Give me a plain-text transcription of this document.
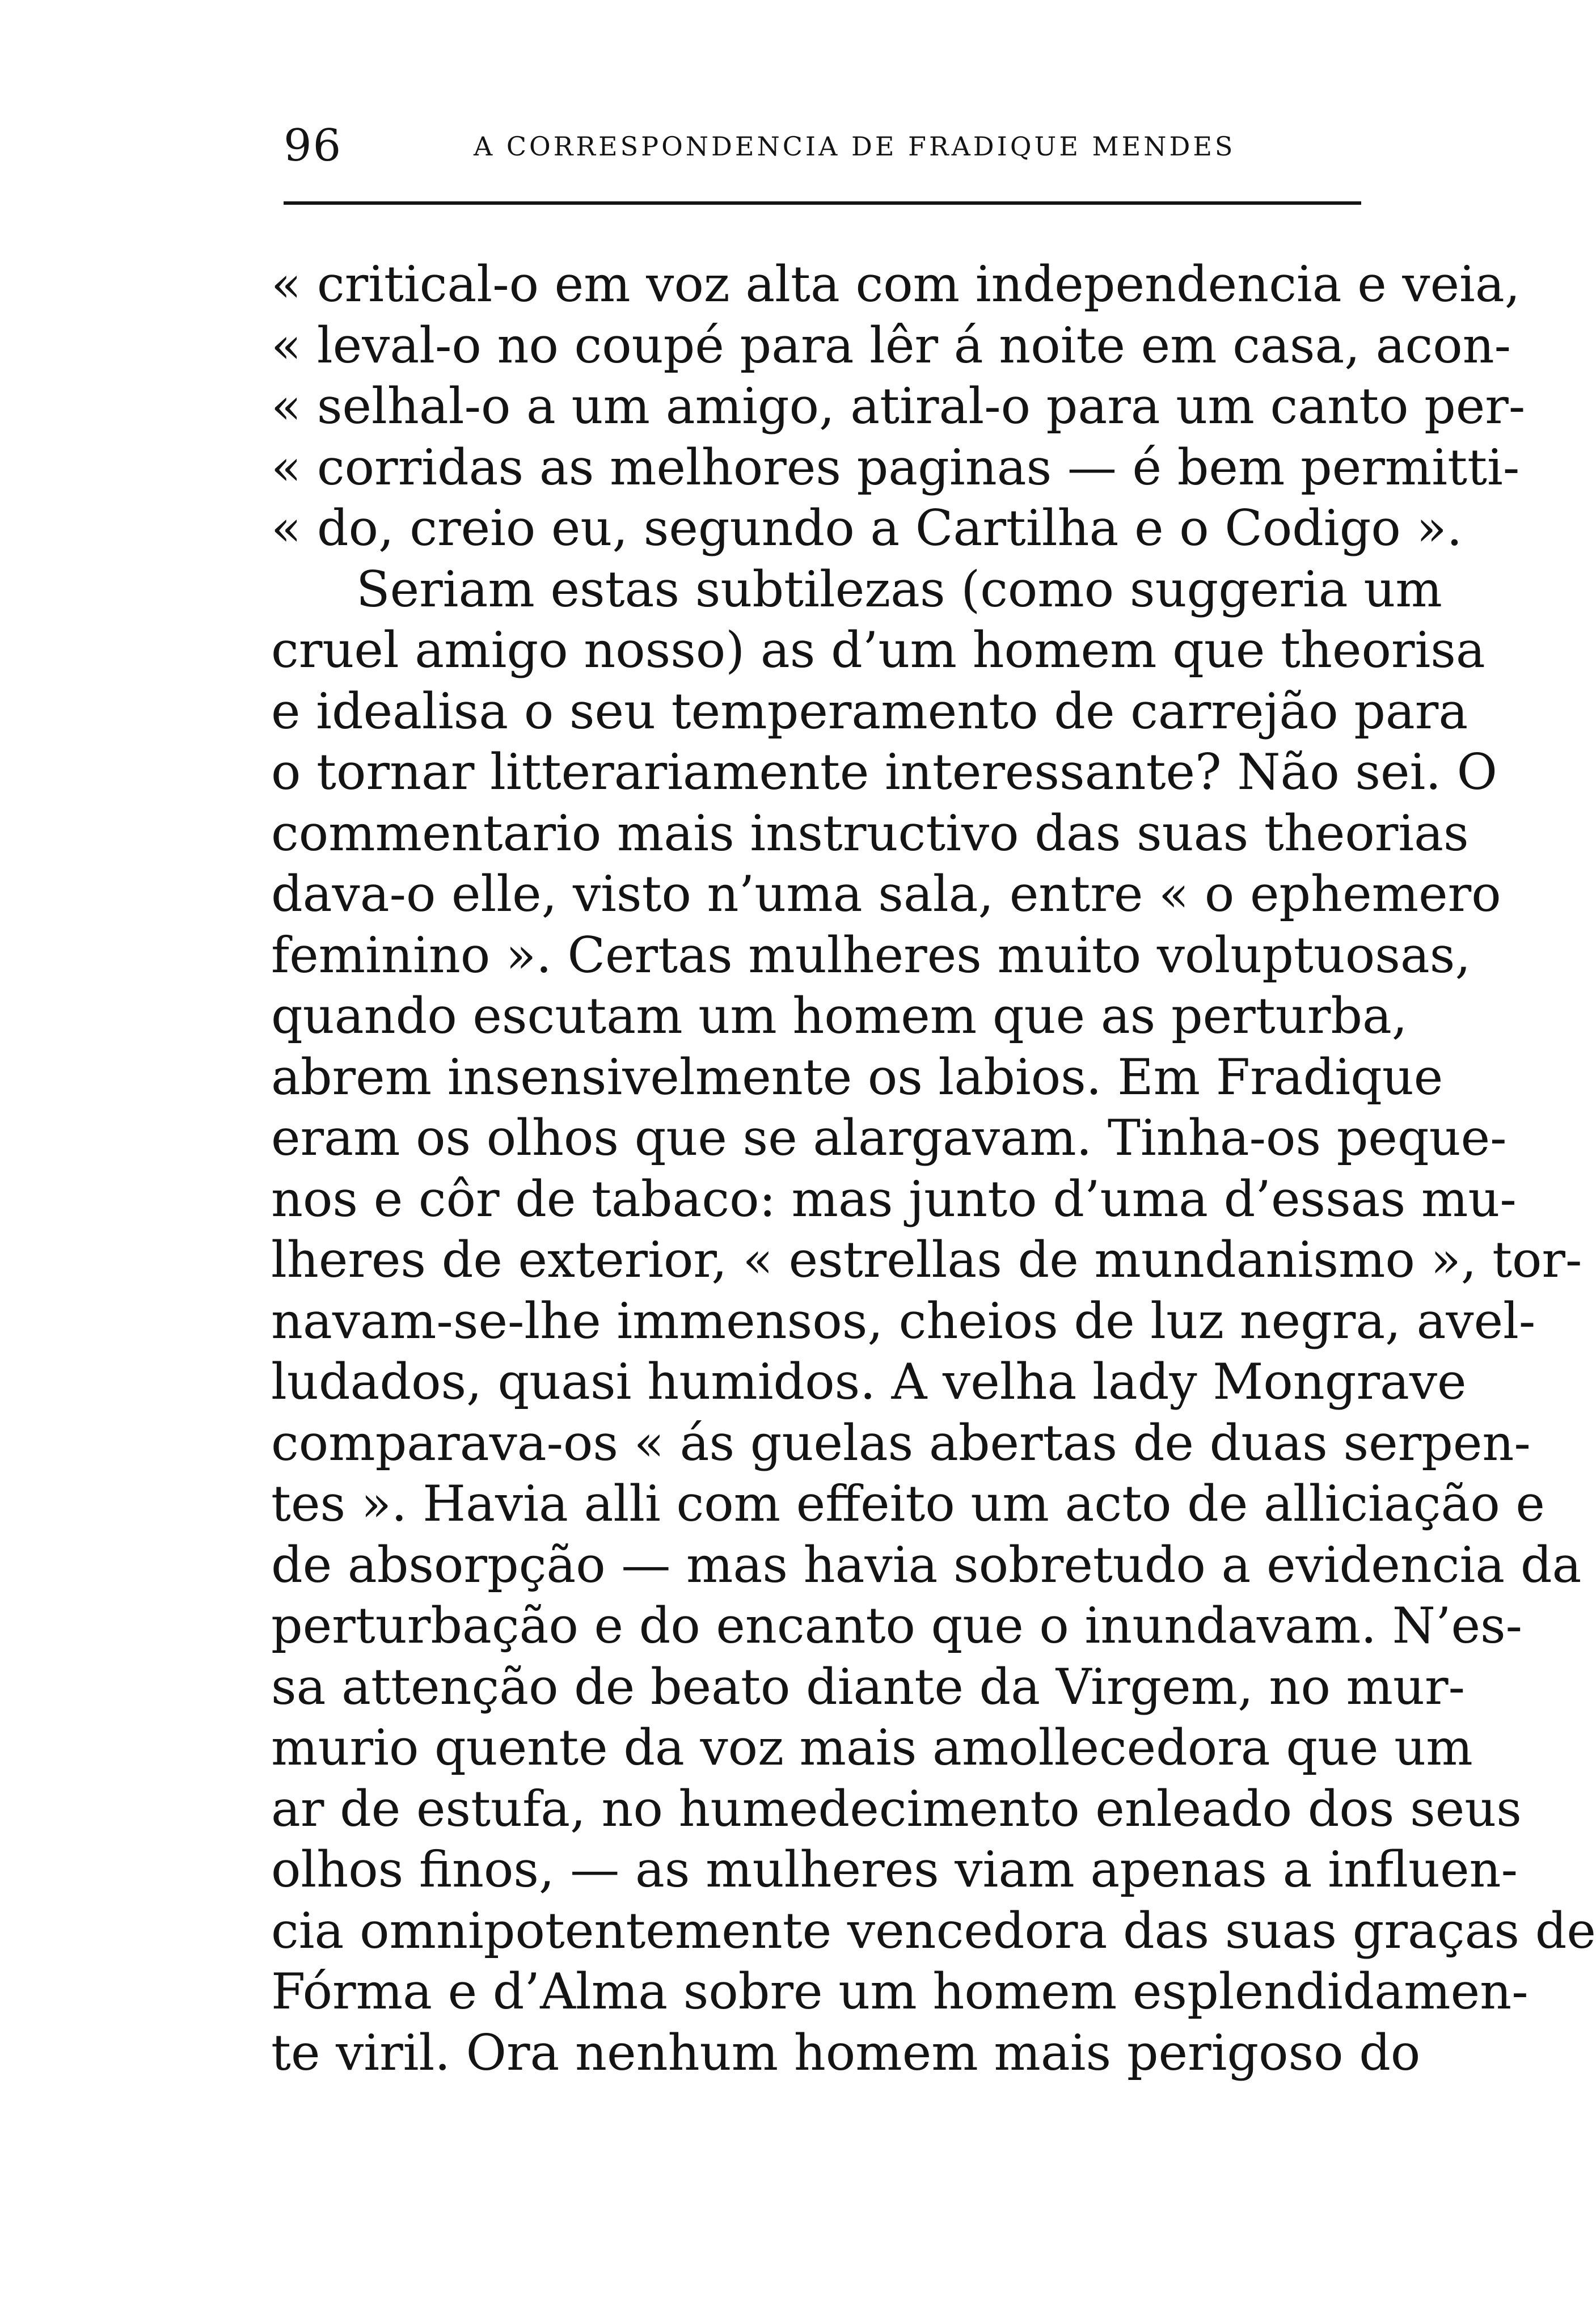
96	A CORRESPONDENCIA DE FRADIQUE MENDES
« critical-o em voz alta com independencia e veia,
« leval-o no coupé para lêr á noite em casa, acon-
« selhal-o a um amigo, atiral-o para um canto per-
« corridas as melhores paginas — é bem permitti-
« do, creio eu, segundo a Cartilha e o Codigo ».
Seriam estas subtilezas (como suggeria um
cruel amigo nosso) as d’um homem que theorisa
e idealisa o seu temperamento de carrejão para
o tornar litterariamente interessante? Não sei. O
commentario mais instructivo das suas theorias
dava-o elle, visto n’uma sala, entre « o ephemero
feminino ». Certas mulheres muito voluptuosas,
quando escutam um homem que as perturba,
abrem insensivelmente os labios. Em Fradique
eram os olhos que se alargavam. Tinha-os peque-
nos e côr de tabaco: mas junto d’uma d’essas mu-
lheres de exterior, « estrellas de mundanismo », tor-
navam-se-lhe immensos, cheios de luz negra, avel-
ludados, quasi humidos. A velha lady Mongrave
comparava-os « ás guelas abertas de duas serpen-
tes ». Havia alli com effeito um acto de alliciação e
de absorpção — mas havia sobretudo a evidencia da
perturbação e do encanto que o inundavam. N’es-
sa attenção de beato diante da Virgem, no mur-
murio quente da voz mais amollecedora que um
ar de estufa, no humedecimento enleado dos seus
olhos finos, — as mulheres viam apenas a influen-
cia omnipotentemente vencedora das suas graças de
Fórma e d’Alma sobre um homem esplendidamen-
te viril. Ora nenhum homem mais perigoso do
